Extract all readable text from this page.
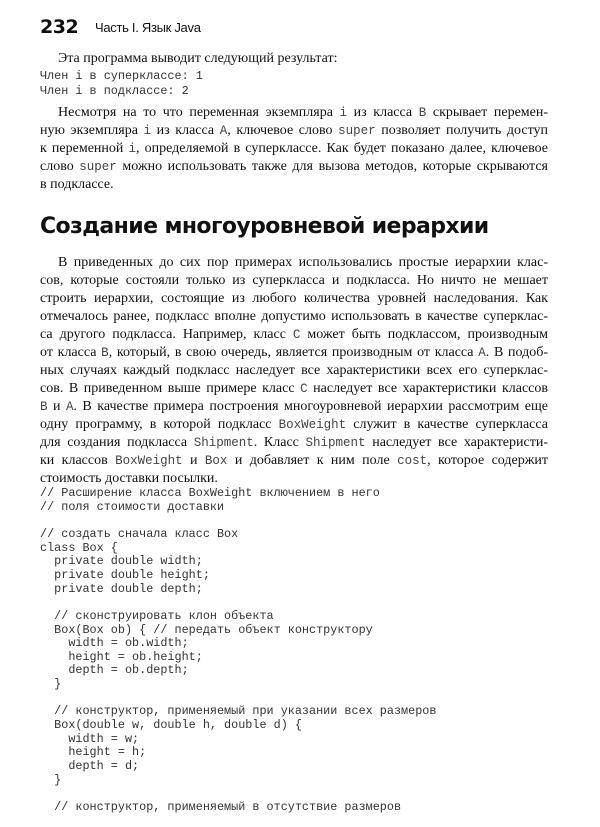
232 Часть I. Язык Java
Эта программа выводит следующий результат:
Член i в суперклассе: 1
Член i в подклассе: 2
Несмотря на то что переменная экземпляра i из класса B скрывает перемен-
ную экземпляра i из класса A, ключевое слово super позволяет получить доступ
к переменной i, определяемой в суперклассе. Как будет показано далее, ключевое
слово super можно использовать также для вызова методов, которые скрываются
в подклассе.
Создание многоуровневой иерархии
В приведенных до сих пор примерах использовались простые иерархии клас-
сов, которые состояли только из суперкласса и подкласса. Но ничто не мешает
строить иерархии, состоящие из любого количества уровней наследования. Как
отмечалось ранее, подкласс вполне допустимо использовать в качестве суперклас-
са другого подкласса. Например, класс C может быть подклассом, производным
от класса B, который, в свою очередь, является производным от класса A. В подоб-
ных случаях каждый подкласс наследует все характеристики всех его суперклас-
сов. В приведенном выше примере класс C наследует все характеристики классов
B и A. В качестве примера построения многоуровневой иерархии рассмотрим еще
одну программу, в которой подкласс BoxWeight служит в качестве суперкласса
для создания подкласса Shipment. Класс Shipment наследует все характеристи-
ки классов BoxWeight и Box и добавляет к ним поле cost, которое содержит
стоимость доставки посылки.
// Расширение класса BoxWeight включением в него
// поля стоимости доставки
// создать сначала класс Box
class Box {
private double width;
private double height;
private double depth;
// сконструировать клон объекта
Box(Box ob) { // передать объект конструктору
width = ob.width;
height = ob.height;
depth = ob.depth;
}
// конструктор, применяемый при указании всех размеров
Box(double w, double h, double d) {
width = w;
height = h;
depth = d;
}
// конструктор, применяемый в отсутствие размеров
